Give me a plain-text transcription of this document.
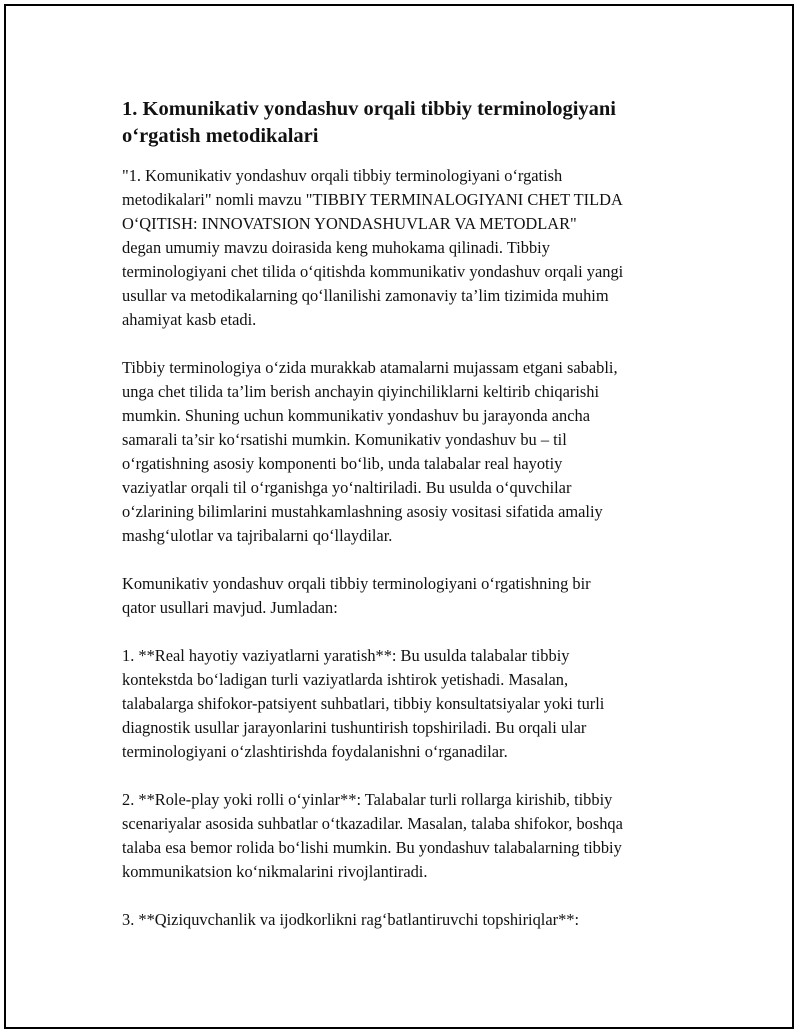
1. Komunikativ yondashuv orqali tibbiy terminologiyani
o‘rgatish metodikalari

"1. Komunikativ yondashuv orqali tibbiy terminologiyani o‘rgatish
metodikalari" nomli mavzu "TIBBIY TERMINALOGIYANI CHET TILDA
O‘QITISH: INNOVATSION YONDASHUVLAR VA METODLAR"
degan umumiy mavzu doirasida keng muhokama qilinadi. Tibbiy
terminologiyani chet tilida o‘qitishda kommunikativ yondashuv orqali yangi
usullar va metodikalarning qo‘llanilishi zamonaviy ta’lim tizimida muhim
ahamiyat kasb etadi.

Tibbiy terminologiya o‘zida murakkab atamalarni mujassam etgani sababli,
unga chet tilida ta’lim berish anchayin qiyinchiliklarni keltirib chiqarishi
mumkin. Shuning uchun kommunikativ yondashuv bu jarayonda ancha
samarali ta’sir ko‘rsatishi mumkin. Komunikativ yondashuv bu – til
o‘rgatishning asosiy komponenti bo‘lib, unda talabalar real hayotiy
vaziyatlar orqali til o‘rganishga yo‘naltiriladi. Bu usulda o‘quvchilar
o‘zlarining bilimlarini mustahkamlashning asosiy vositasi sifatida amaliy
mashg‘ulotlar va tajribalarni qo‘llaydilar.

Komunikativ yondashuv orqali tibbiy terminologiyani o‘rgatishning bir
qator usullari mavjud. Jumladan:

1. **Real hayotiy vaziyatlarni yaratish**: Bu usulda talabalar tibbiy
kontekstda bo‘ladigan turli vaziyatlarda ishtirok yetishadi. Masalan,
talabalarga shifokor-patsiyent suhbatlari, tibbiy konsultatsiyalar yoki turli
diagnostik usullar jarayonlarini tushuntirish topshiriladi. Bu orqali ular
terminologiyani o‘zlashtirishda foydalanishni o‘rganadilar.

2. **Role-play yoki rolli o‘yinlar**: Talabalar turli rollarga kirishib, tibbiy
scenariyalar asosida suhbatlar o‘tkazadilar. Masalan, talaba shifokor, boshqa
talaba esa bemor rolida bo‘lishi mumkin. Bu yondashuv talabalarning tibbiy
kommunikatsion ko‘nikmalarini rivojlantiradi.

3. **Qiziquvchanlik va ijodkorlikni rag‘batlantiruvchi topshiriqlar**:
